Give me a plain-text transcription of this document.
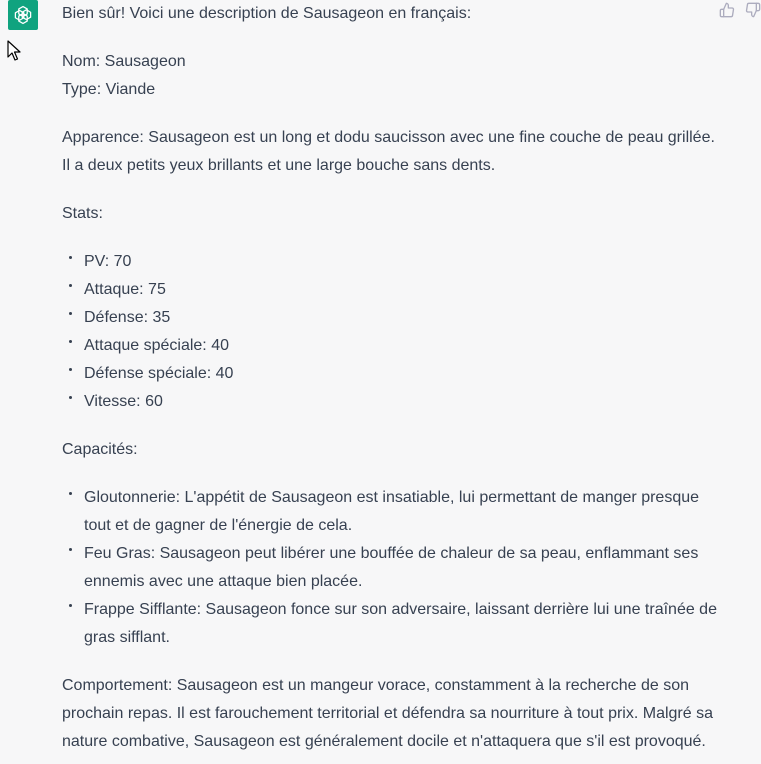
Bien sûr! Voici une description de Sausageon en français:

Nom: Sausageon

Type: Viande

Apparence: Sausageon est un long et dodu saucisson avec une fine couche de peau grillée.

Il a deux petits yeux brillants et une large bouche sans dents.

Stats:

PV: 70
Attaque: 75
Défense: 35
Attaque spéciale: 40
Défense spéciale: 40
Vitesse: 60

Capacités:

Gloutonnerie: L'appétit de Sausageon est insatiable, lui permettant de manger presque
tout et de gagner de l'énergie de cela.
Feu Gras: Sausageon peut libérer une bouffée de chaleur de sa peau, enflammant ses
ennemis avec une attaque bien placée.
Frappe Sifflante: Sausageon fonce sur son adversaire, laissant derrière lui une traînée de
gras sifflant.

Comportement: Sausageon est un mangeur vorace, constamment à la recherche de son

prochain repas. Il est farouchement territorial et défendra sa nourriture à tout prix. Malgré sa

nature combative, Sausageon est généralement docile et n'attaquera que s'il est provoqué.
